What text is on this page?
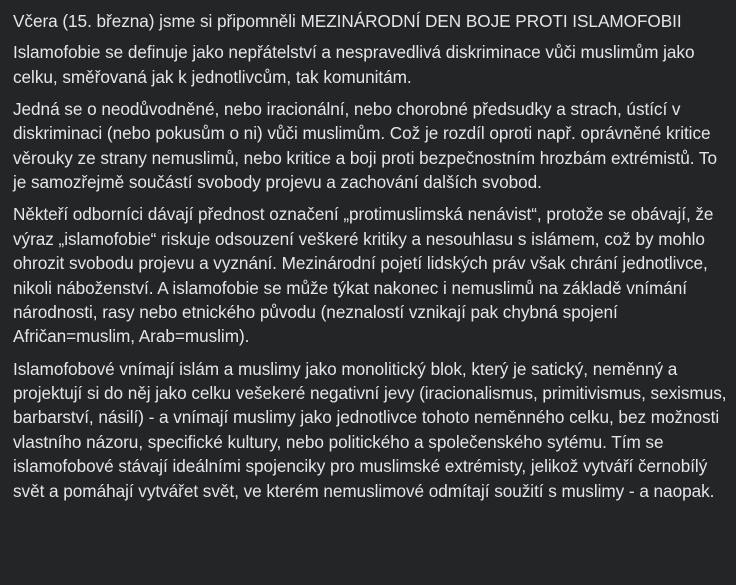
Včera (15. března) jsme si připomněli MEZINÁRODNÍ DEN BOJE PROTI ISLAMOFOBII

Islamofobie se definuje jako nepřátelství a nespravedlivá diskriminace vůči muslimům jako celku, směřovaná jak k jednotlivcům, tak komunitám.

Jedná se o neodůvodněné, nebo iracionální, nebo chorobné předsudky a strach, ústící v diskriminaci (nebo pokusům o ni) vůči muslimům. Což je rozdíl oproti např. oprávněné kritice věrouky ze strany nemuslimů, nebo kritice a boji proti bezpečnostním hrozbám extrémistů. To je samozřejmě součástí svobody projevu a zachování dalších svobod.

Někteří odborníci dávají přednost označení „protimuslimská nenávist“, protože se obávají, že výraz „islamofobie“ riskuje odsouzení veškeré kritiky a nesouhlasu s islámem, což by mohlo ohrozit svobodu projevu a vyznání. Mezinárodní pojetí lidských práv však chrání jednotlivce, nikoli náboženství. A islamofobie se může týkat nakonec i nemuslimů na základě vnímání národnosti, rasy nebo etnického původu (neznalostí vznikají pak chybná spojení Afričan=muslim, Arab=muslim).

Islamofobové vnímají islám a muslimy jako monolitický blok, který je satický, neměnný a projektují si do něj jako celku vešekeré negativní jevy (iracionalismus, primitivismus, sexismus, barbarství, násilí) - a vnímají muslimy jako jednotlivce tohoto neměnného celku, bez možnosti vlastního názoru, specifické kultury, nebo politického a společenského sytému. Tím se islamofobové stávají ideálními spojenciky pro muslimské extrémisty, jelikož vytváří černobílý svět a pomáhají vytvářet svět, ve kterém nemuslimové odmítají soužití s muslimy - a naopak.
